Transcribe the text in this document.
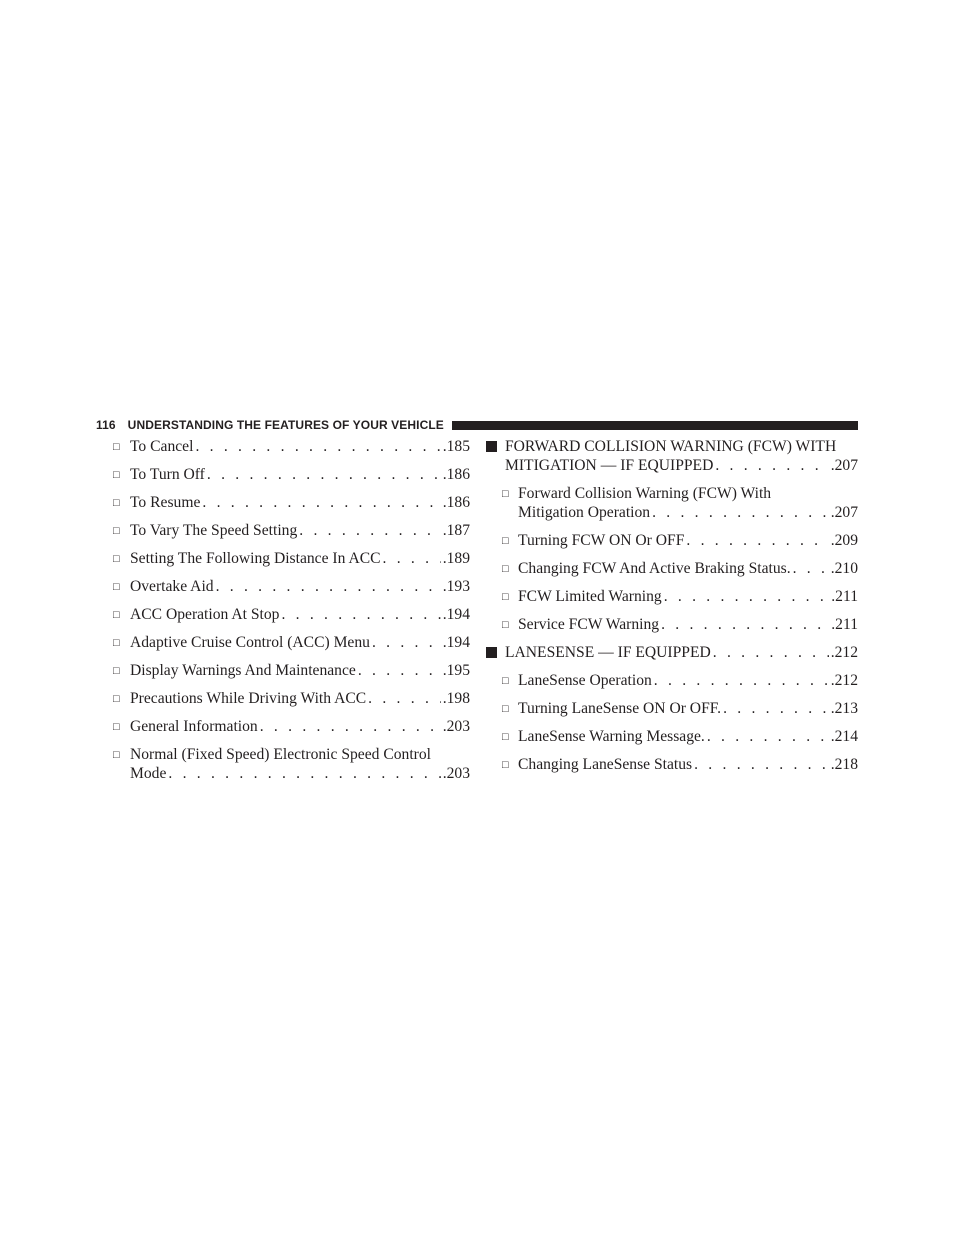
116 UNDERSTANDING THE FEATURES OF YOUR VEHICLE
□ To Cancel . . .	.185
□ To Turn Off . . .	.186
□ To Resume . . .	.186
□ To Vary The Speed Setting . . .	.187
□ Setting The Following Distance In ACC . . .	.189
□ Overtake Aid . . .	.193
□ ACC Operation At Stop . . .	.194
□ Adaptive Cruise Control (ACC) Menu . . .	.194
□ Display Warnings And Maintenance . . .	.195
□ Precautions While Driving With ACC . . .	.198
□ General Information . . .	.203
□ Normal (Fixed Speed) Electronic Speed Control
Mode . . .	.203
FORWARD COLLISION WARNING (FCW) WITH
MITIGATION — IF EQUIPPED . . .	.207
□ Forward Collision Warning (FCW) With
Mitigation Operation . . .	.207
□ Turning FCW ON Or OFF . . .	.209
□ Changing FCW And Active Braking Status. . . .	.210
□ FCW Limited Warning . . .	.211
□ Service FCW Warning . . .	.211
LANESENSE — IF EQUIPPED . . .	.212
□ LaneSense Operation . . .	.212
□ Turning LaneSense ON Or OFF. . . .	.213
□ LaneSense Warning Message. . . .	.214
□ Changing LaneSense Status . . .	.218
